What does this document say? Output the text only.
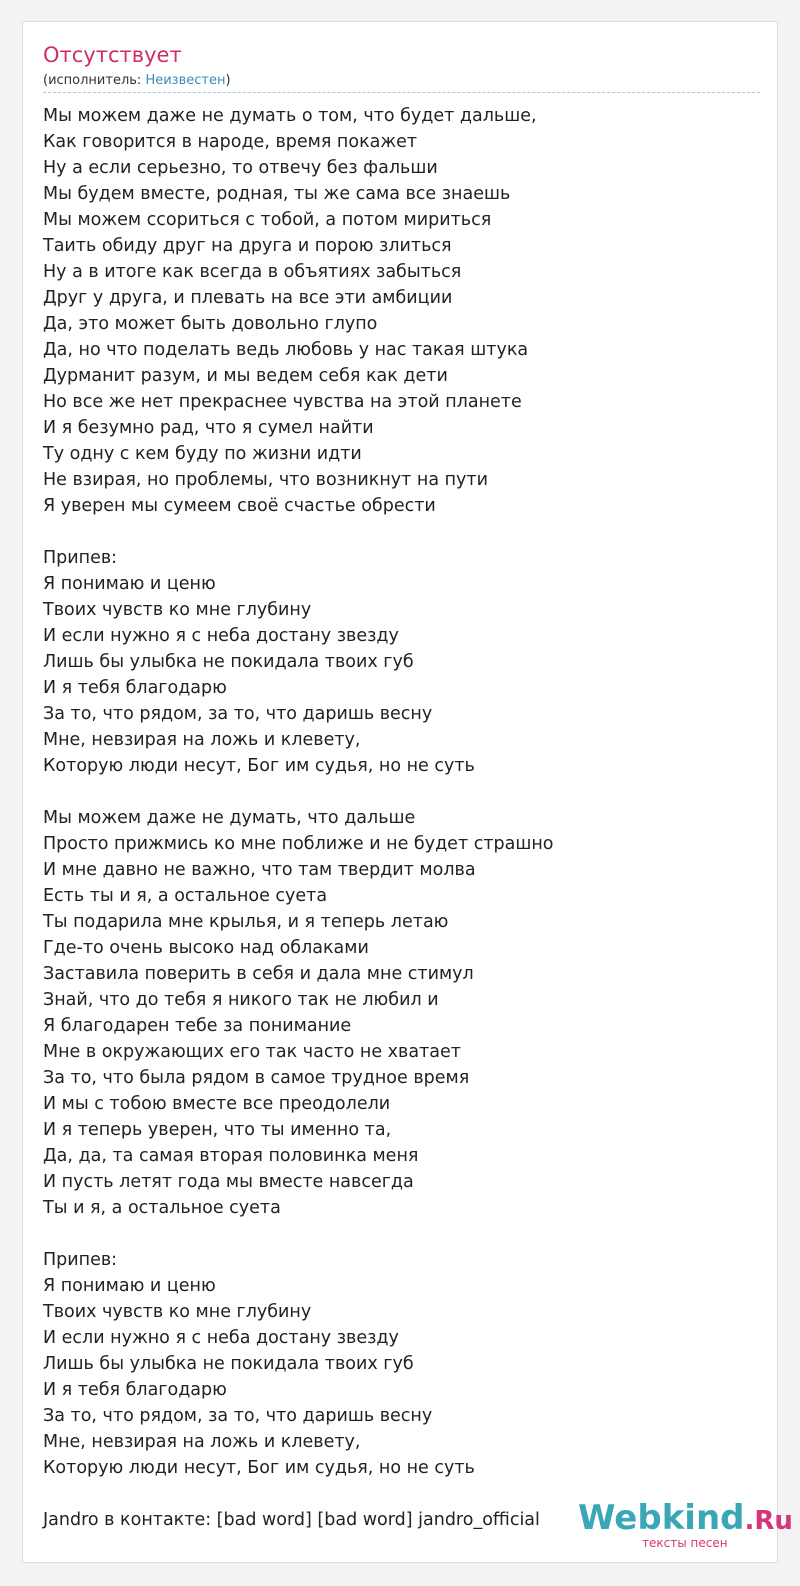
Отсутствует
(исполнитель: Неизвестен)
Мы можем даже не думать о том, что будет дальше,
Как говорится в народе, время покажет
Ну а если серьезно, то отвечу без фальши
Мы будем вместе, родная, ты же сама все знаешь
Мы можем ссориться с тобой, а потом мириться
Таить обиду друг на друга и порою злиться
Ну а в итоге как всегда в объятиях забыться
Друг у друга, и плевать на все эти амбиции
Да, это может быть довольно глупо
Да, но что поделать ведь любовь у нас такая штука
Дурманит разум, и мы ведем себя как дети
Но все же нет прекраснее чувства на этой планете
И я безумно рад, что я сумел найти
Ту одну с кем буду по жизни идти
Не взирая, но проблемы, что возникнут на пути
Я уверен мы сумеем своё счастье обрести
Припев:
Я понимаю и ценю
Твоих чувств ко мне глубину
И если нужно я с неба достану звезду
Лишь бы улыбка не покидала твоих губ
И я тебя благодарю
За то, что рядом, за то, что даришь весну
Мне, невзирая на ложь и клевету,
Которую люди несут, Бог им судья, но не суть
Мы можем даже не думать, что дальше
Просто прижмись ко мне поближе и не будет страшно
И мне давно не важно, что там твердит молва
Есть ты и я, а остальное суета
Ты подарила мне крылья, и я теперь летаю
Где-то очень высоко над облаками
Заставила поверить в себя и дала мне стимул
Знай, что до тебя я никого так не любил и
Я благодарен тебе за понимание
Мне в окружающих его так часто не хватает
За то, что была рядом в самое трудное время
И мы с тобою вместе все преодолели
И я теперь уверен, что ты именно та,
Да, да, та самая вторая половинка меня
И пусть летят года мы вместе навсегда
Ты и я, а остальное суета
Припев:
Я понимаю и ценю
Твоих чувств ко мне глубину
И если нужно я с неба достану звезду
Лишь бы улыбка не покидала твоих губ
И я тебя благодарю
За то, что рядом, за то, что даришь весну
Мне, невзирая на ложь и клевету,
Которую люди несут, Бог им судья, но не суть
Jandro в контакте: [bad word] [bad word] jandro_official	Webkind.Ru
тексты песен
